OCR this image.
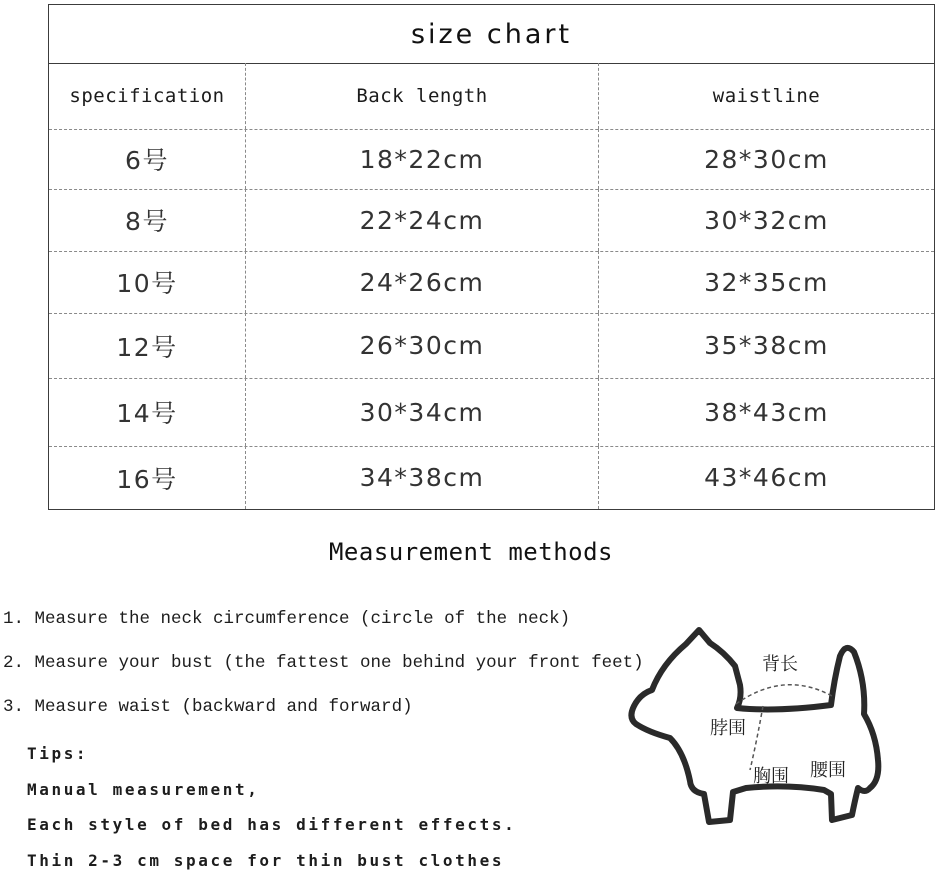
size chart
specification	Back length	waistline
6号	18*22cm	28*30cm
8号	22*24cm	30*32cm
10号	24*26cm	32*35cm
12号	26*30cm	35*38cm
14号	30*34cm	38*43cm
16号	34*38cm	43*46cm
Measurement methods
1. Measure the neck circumference (circle of the neck)
2. Measure your bust (the fattest one behind your front feet)
3. Measure waist (backward and forward)
Tips:
Manual measurement,
Each style of bed has different effects.
Thin 2-3 cm space for thin bust clothes
背长
脖围
胸围 腰围
